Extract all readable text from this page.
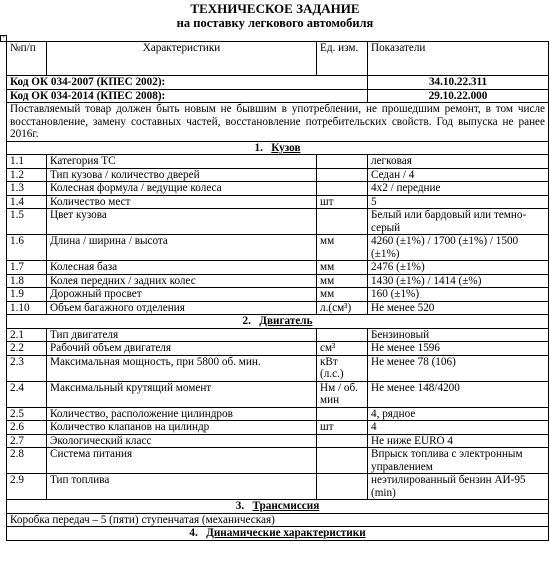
ТЕХНИЧЕСКОЕ ЗАДАНИЕ
на поставку легкового автомобиля
+
№п/п	Характеристики	Ед. изм.	Показатели
Код ОК 034-2007 (КПЕС 2002):			34.10.22.311
Код ОК 034-2014 (КПЕС 2008):			29.10.22.000
Поставляемый товар должен быть новым не бывшим в употреблении, не прошедшим ремонт, в том числе восстановление, замену составных частей, восстановление потребительских свойств. Год выпуска не ранее 2016г.			
1. Кузов			
1.1	Категория ТС		легковая
1.2	Тип кузова / количество дверей		Седан / 4
1.3	Колесная формула / ведущие колеса		4х2 / передние
1.4	Количество мест	шт	5
1.5	Цвет кузова		Белый или бардовый или темно-серый
1.6	Длина / ширина / высота	мм	4260 (±1%) / 1700 (±1%) / 1500 (±1%)
1.7	Колесная база	мм	2476 (±1%)
1.8	Колея передних / задних колес	мм	1430 (±1%) / 1414 (±%)
1.9	Дорожный просвет	мм	160 (±1%)
1.10	Объем багажного отделения	л.(см³)	Не менее 520
2. Двигатель			
2.1	Тип двигателя		Бензиновый
2.2	Рабочий объем двигателя	см³	Не менее 1596
2.3	Максимальная мощность, при 5800 об. мин.	кВт (л.с.)	Не менее 78 (106)
2.4	Максимальный крутящий момент	Нм / об. мин	Не менее 148/4200
2.5	Количество, расположение цилиндров		4, рядное
2.6	Количество клапанов на цилиндр	шт	4
2.7	Экологический класс		Не ниже EURO 4
2.8	Система питания		Впрыск топлива с электронным управлением
2.9	Тип топлива		неэтилированный бензин АИ-95 (min)
3. Трансмиссия			
Коробка передач – 5 (пяти) ступенчатая (механическая)			
4. Динамические характеристики			
